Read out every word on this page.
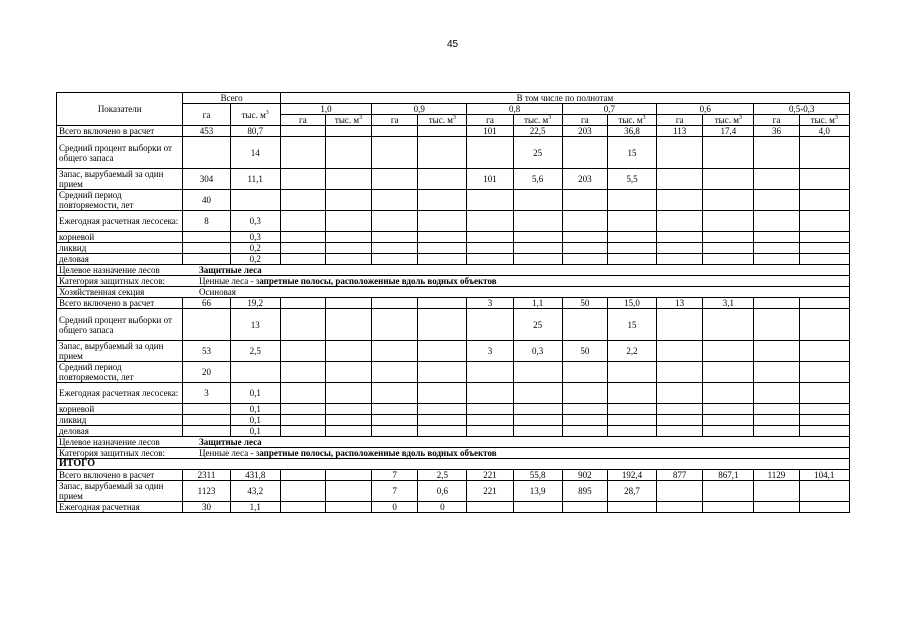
45
Показатели	Всего		В том числе по полнотам											
	га	тыс. $м^3$	1,0		0,9		0,8		0,7		0,6		0,5-0,3	
			га	тыс. $м^3$	га	тыс. $м^3$	га	тыс. $м^3$	га	тыс. $м^3$	га	тыс. $м^3$	га	тыс. $м^3$
Всего включено в расчет	453	80,7					101	22,5	203	36,8	113	17,4	36	4,0
Средний процент выборки от общего запаса		14						25		15				
Запас, вырубаемый за один прием	304	11,1					101	5,6	203	5,5				
Средний период повторяемости, лет	40													
Ежегодная расчетная лесосека:	8	0,3												
корневой		0,3												
ликвид		0,2												
деловая		0,2												
Целевое назначение лесов Защитные леса														
Категория защитных лесов: Ценные леса - запретные полосы, расположенные вдоль водных объектов														
Хозяйственная секция Осиновая														
Всего включено в расчет	66	19,2					3	1,1	50	15,0	13	3,1		
Средний процент выборки от общего запаса		13						25		15				
Запас, вырубаемый за один прием	53	2,5					3	0,3	50	2,2				
Средний период повторяемости, лет	20													
Ежегодная расчетная лесосека:	3	0,1												
корневой		0,1												
ликвид		0,1												
деловая		0,1												
Целевое назначение лесов Защитные леса														
Категория защитных лесов: Ценные леса - запретные полосы, расположенные вдоль водных объектов														
ИТОГО														
Всего включено в расчет	2311	431,8			7	2,5	221	55,8	902	192,4	877	867,1	1129	104,1
Запас, вырубаемый за один прием	1123	43,2			7	0,6	221	13,9	895	28,7				
Ежегодная расчетная	30	1,1			0	0								
